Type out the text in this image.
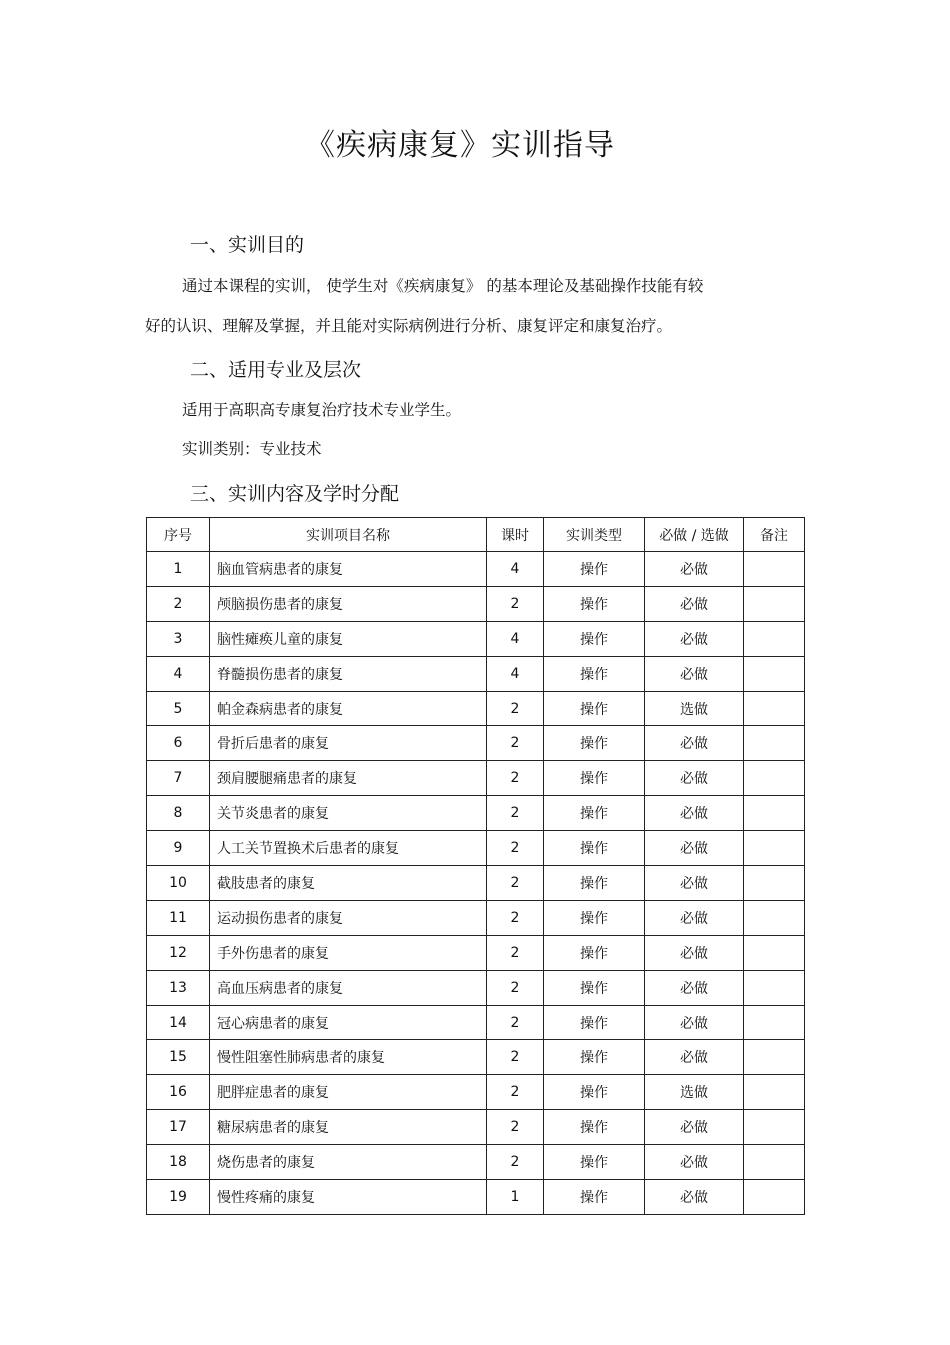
《疾病康复》实训指导
一、实训目的
通过本课程的实训， 使学生对《疾病康复》 的基本理论及基础操作技能有较
好的认识、理解及掌握，并且能对实际病例进行分析、康复评定和康复治疗。
二、适用专业及层次
适用于高职高专康复治疗技术专业学生。
实训类别：专业技术
三、实训内容及学时分配
序号	实训项目名称	课时	实训类型	必做 / 选做	备注
1	脑血管病患者的康复	4	操作	必做	
2	颅脑损伤患者的康复	2	操作	必做	
3	脑性瘫痪儿童的康复	4	操作	必做	
4	脊髓损伤患者的康复	4	操作	必做	
5	帕金森病患者的康复	2	操作	选做	
6	骨折后患者的康复	2	操作	必做	
7	颈肩腰腿痛患者的康复	2	操作	必做	
8	关节炎患者的康复	2	操作	必做	
9	人工关节置换术后患者的康复	2	操作	必做	
10	截肢患者的康复	2	操作	必做	
11	运动损伤患者的康复	2	操作	必做	
12	手外伤患者的康复	2	操作	必做	
13	高血压病患者的康复	2	操作	必做	
14	冠心病患者的康复	2	操作	必做	
15	慢性阻塞性肺病患者的康复	2	操作	必做	
16	肥胖症患者的康复	2	操作	选做	
17	糖尿病患者的康复	2	操作	必做	
18	烧伤患者的康复	2	操作	必做	
19	慢性疼痛的康复	1	操作	必做	
